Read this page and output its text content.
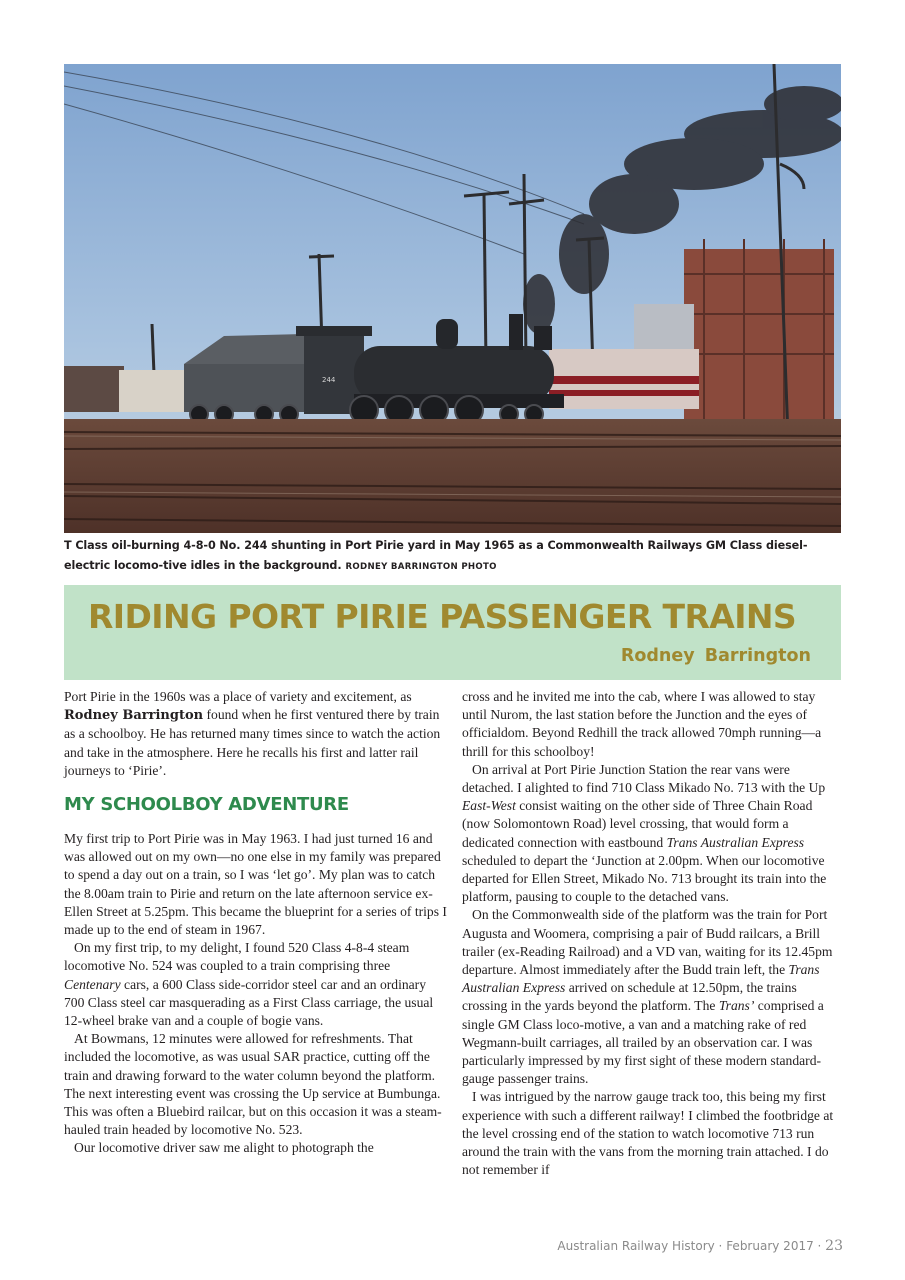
244
T Class oil-burning 4-8-0 No. 244 shunting in Port Pirie yard in May 1965 as a Commonwealth Railways GM Class diesel-electric locomo-tive idles in the background. RODNEY BARRINGTON PHOTO
RIDING PORT PIRIE PASSENGER TRAINS

Rodney Barrington

Port Pirie in the 1960s was a place of variety and excitement, as Rodney Barrington found when he first ventured there by train as a schoolboy. He has returned many times since to watch the action and take in the atmosphere. Here he recalls his first and latter rail journeys to ‘Pirie’.

MY SCHOOLBOY ADVENTURE

My first trip to Port Pirie was in May 1963. I had just turned 16 and was allowed out on my own—no one else in my family was prepared to spend a day out on a train, so I was ‘let go’. My plan was to catch the 8.00am train to Pirie and return on the late afternoon service ex-Ellen Street at 5.25pm. This became the blueprint for a series of trips I made up to the end of steam in 1967.

On my first trip, to my delight, I found 520 Class 4-8-4 steam locomotive No. 524 was coupled to a train comprising three Centenary cars, a 600 Class side-corridor steel car and an ordinary 700 Class steel car masquerading as a First Class carriage, the usual 12-wheel brake van and a couple of bogie vans.

At Bowmans, 12 minutes were allowed for refreshments. That included the locomotive, as was usual SAR practice, cutting off the train and drawing forward to the water column beyond the platform. The next interesting event was crossing the Up service at Bumbunga. This was often a Bluebird railcar, but on this occasion it was a steam-hauled train headed by locomotive No. 523.

Our locomotive driver saw me alight to photograph the

cross and he invited me into the cab, where I was allowed to stay until Nurom, the last station before the Junction and the eyes of officialdom. Beyond Redhill the track allowed 70mph running—a thrill for this schoolboy!

On arrival at Port Pirie Junction Station the rear vans were detached. I alighted to find 710 Class Mikado No. 713 with the Up East-West consist waiting on the other side of Three Chain Road (now Solomontown Road) level crossing, that would form a dedicated connection with eastbound Trans Australian Express scheduled to depart the ‘Junction at 2.00pm. When our locomotive departed for Ellen Street, Mikado No. 713 brought its train into the platform, pausing to couple to the detached vans.

On the Commonwealth side of the platform was the train for Port Augusta and Woomera, comprising a pair of Budd railcars, a Brill trailer (ex-Reading Railroad) and a VD van, waiting for its 12.45pm departure. Almost immediately after the Budd train left, the Trans Australian Express arrived on schedule at 12.50pm, the trains crossing in the yards beyond the platform. The Trans’ comprised a single GM Class loco-motive, a van and a matching rake of red Wegmann-built carriages, all trailed by an observation car. I was particularly impressed by my first sight of these modern standard-gauge passenger trains.

I was intrigued by the narrow gauge track too, this being my first experience with such a different railway! I climbed the footbridge at the level crossing end of the station to watch locomotive 713 run around the train with the vans from the morning train attached. I do not remember if

Australian Railway History · February 2017 · 23
